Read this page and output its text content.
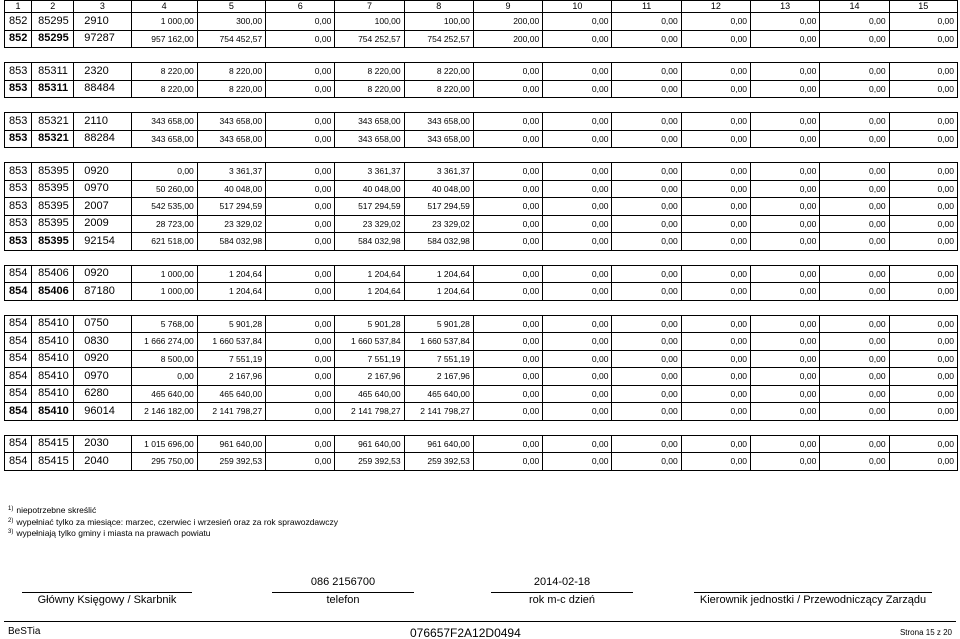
1	2	3	4	5	6	7	8	9	10	11	12	13	14	15
852	85295	2910	1 000,00	300,00	0,00	100,00	100,00	200,00	0,00	0,00	0,00	0,00	0,00	0,00
852	85295	97287	957 162,00	754 452,57	0,00	754 252,57	754 252,57	200,00	0,00	0,00	0,00	0,00	0,00	0,00

853	85311	2320	8 220,00	8 220,00	0,00	8 220,00	8 220,00	0,00	0,00	0,00	0,00	0,00	0,00	0,00
853	85311	88484	8 220,00	8 220,00	0,00	8 220,00	8 220,00	0,00	0,00	0,00	0,00	0,00	0,00	0,00

853	85321	2110	343 658,00	343 658,00	0,00	343 658,00	343 658,00	0,00	0,00	0,00	0,00	0,00	0,00	0,00
853	85321	88284	343 658,00	343 658,00	0,00	343 658,00	343 658,00	0,00	0,00	0,00	0,00	0,00	0,00	0,00

853	85395	0920	0,00	3 361,37	0,00	3 361,37	3 361,37	0,00	0,00	0,00	0,00	0,00	0,00	0,00
853	85395	0970	50 260,00	40 048,00	0,00	40 048,00	40 048,00	0,00	0,00	0,00	0,00	0,00	0,00	0,00
853	85395	2007	542 535,00	517 294,59	0,00	517 294,59	517 294,59	0,00	0,00	0,00	0,00	0,00	0,00	0,00
853	85395	2009	28 723,00	23 329,02	0,00	23 329,02	23 329,02	0,00	0,00	0,00	0,00	0,00	0,00	0,00
853	85395	92154	621 518,00	584 032,98	0,00	584 032,98	584 032,98	0,00	0,00	0,00	0,00	0,00	0,00	0,00

854	85406	0920	1 000,00	1 204,64	0,00	1 204,64	1 204,64	0,00	0,00	0,00	0,00	0,00	0,00	0,00
854	85406	87180	1 000,00	1 204,64	0,00	1 204,64	1 204,64	0,00	0,00	0,00	0,00	0,00	0,00	0,00

854	85410	0750	5 768,00	5 901,28	0,00	5 901,28	5 901,28	0,00	0,00	0,00	0,00	0,00	0,00	0,00
854	85410	0830	1 666 274,00	1 660 537,84	0,00	1 660 537,84	1 660 537,84	0,00	0,00	0,00	0,00	0,00	0,00	0,00
854	85410	0920	8 500,00	7 551,19	0,00	7 551,19	7 551,19	0,00	0,00	0,00	0,00	0,00	0,00	0,00
854	85410	0970	0,00	2 167,96	0,00	2 167,96	2 167,96	0,00	0,00	0,00	0,00	0,00	0,00	0,00
854	85410	6280	465 640,00	465 640,00	0,00	465 640,00	465 640,00	0,00	0,00	0,00	0,00	0,00	0,00	0,00
854	85410	96014	2 146 182,00	2 141 798,27	0,00	2 141 798,27	2 141 798,27	0,00	0,00	0,00	0,00	0,00	0,00	0,00

854	85415	2030	1 015 696,00	961 640,00	0,00	961 640,00	961 640,00	0,00	0,00	0,00	0,00	0,00	0,00	0,00
854	85415	2040	295 750,00	259 392,53	0,00	259 392,53	259 392,53	0,00	0,00	0,00	0,00	0,00	0,00	0,00
$^{1)}$ niepotrzebne skreślić
$^{2)}$ wypełniać tylko za miesiące: marzec, czerwiec i wrzesień oraz za rok sprawozdawczy
$^{3)}$ wypełniają tylko gminy i miasta na prawach powiatu
Główny Księgowy / Skarbnik
086 2156700
telefon
2014-02-18
rok m-c dzień	Kierownik jednostki / Przewodniczący Zarządu
BeSTia	076657F2A12D0494	Strona 15 z 20
